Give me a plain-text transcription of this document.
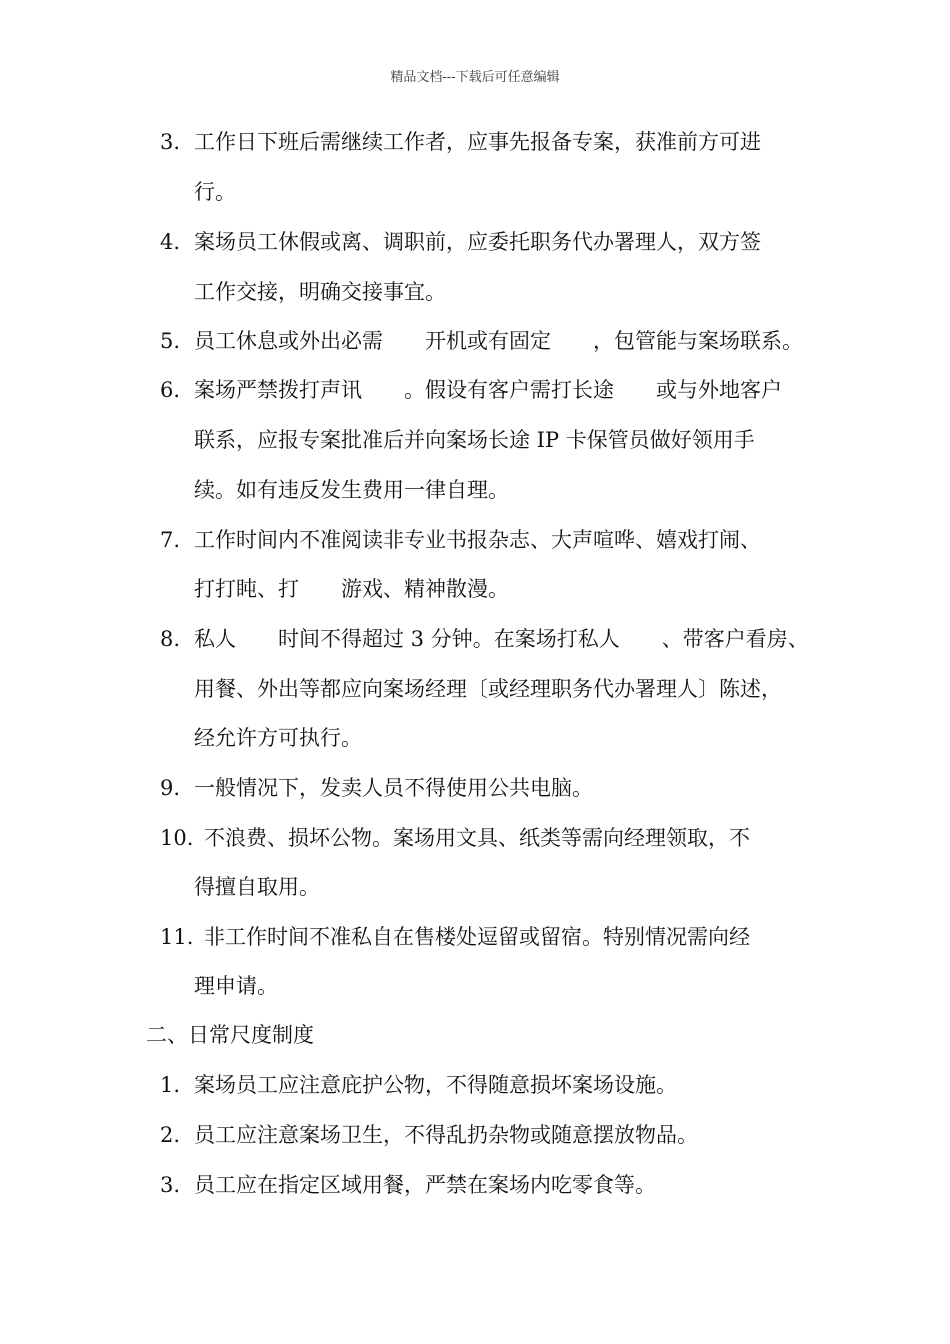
精品文档---下载后可任意编辑
3. 工作日下班后需继续工作者，应事先报备专案，获准前方可进
行。
4. 案场员工休假或离、调职前，应委托职务代办署理人，双方签
工作交接，明确交接事宜。
5. 员工休息或外出必需　　开机或有固定　　，包管能与案场联系。
6. 案场严禁拨打声讯　　。假设有客户需打长途　　或与外地客户
联系，应报专案批准后并向案场长途 IP 卡保管员做好领用手
续。如有违反发生费用一律自理。
7. 工作时间内不准阅读非专业书报杂志、大声喧哗、嬉戏打闹、
打打盹、打　　游戏、精神散漫。
8. 私人　　时间不得超过 3 分钟。在案场打私人　　、带客户看房、
用餐、外出等都应向案场经理〔或经理职务代办署理人〕陈述，
经允许方可执行。
9. 一般情况下，发卖人员不得使用公共电脑。
10. 不浪费、损坏公物。案场用文具、纸类等需向经理领取，不
得擅自取用。
11. 非工作时间不准私自在售楼处逗留或留宿。特别情况需向经
理申请。
二、日常尺度制度
1. 案场员工应注意庇护公物，不得随意损坏案场设施。
2. 员工应注意案场卫生，不得乱扔杂物或随意摆放物品。
3. 员工应在指定区域用餐，严禁在案场内吃零食等。
